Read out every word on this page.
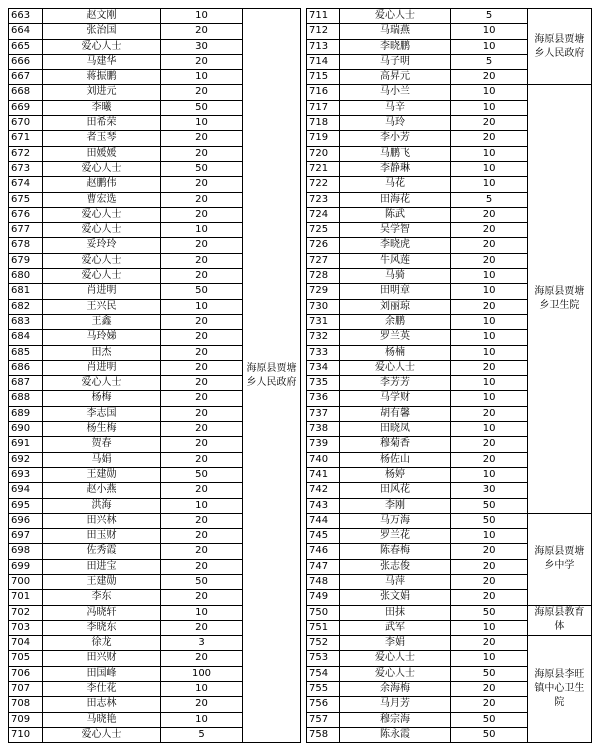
663	赵文刚	10	海原县贾塘乡人民政府
664	张治国	20	
665	爱心人士	30	
666	马建华	20	
667	蒋振鹏	10	
668	刘进元	20	
669	李曦	50	
670	田希荣	10	
671	者玉琴	20	
672	田媛媛	20	
673	爱心人士	50	
674	赵鹏伟	20	
675	曹宏选	20	
676	爱心人士	20	
677	爱心人士	10	
678	妥玲玲	20	
679	爱心人士	20	
680	爱心人士	20	
681	肖进明	50	
682	王兴民	10	
683	王鑫	20	
684	马玲娣	20	
685	田杰	20	
686	肖进明	20	
687	爱心人士	20	
688	杨梅	20	
689	李志国	20	
690	杨生梅	20	
691	贺春	20	
692	马娟	20	
693	王建勋	50	
694	赵小燕	20	
695	洪海	10	
696	田兴林	20	
697	田玉财	20	
698	佐秀霞	20	
699	田进宝	20	
700	王建勋	50	
701	李东	20	
702	冯晓轩	10	
703	李晓东	20	
704	徐龙	3	
705	田兴财	20	
706	田国峰	100	
707	李仕花	10	
708	田志林	20	
709	马晓艳	10	
710	爱心人士	5	
711	爱心人士	5	海原县贾塘乡人民政府
712	马瑞燕	10	
713	李晓鹏	10	
714	马子明	5	
715	高昇元	20	
716	马小兰	10	海原县贾塘乡卫生院
717	马辛	10	
718	马玲	20	
719	李小芳	20	
720	马鹏飞	10	
721	李静琳	10	
722	马花	10	
723	田海花	5	
724	陈武	20	
725	吴学智	20	
726	李晓虎	20	
727	牛风莲	20	
728	马骑	10	
729	田明章	10	
730	刘丽琼	20	
731	余鹏	10	
732	罗兰英	10	
733	杨楠	10	
734	爱心人士	20	
735	李芳芳	10	
736	马学财	10	
737	胡有馨	20	
738	田晓凤	10	
739	穆菊香	20	
740	杨佐山	20	
741	杨婷	10	
742	田风花	30	
743	李刚	50	
744	马万海	50	海原县贾塘乡中学
745	罗兰花	10	
746	陈春梅	20	
747	张志俊	20	
748	马萍	20	
749	张文娟	20	
750	田抹	50	海原县教育体
751	武军	10	
752	李娟	20	海原县李旺镇中心卫生院
753	爱心人士	10	
754	爱心人士	50	
755	余海梅	20	
756	马月芳	20	
757	穆宗海	50	
758	陈永霞	50	
